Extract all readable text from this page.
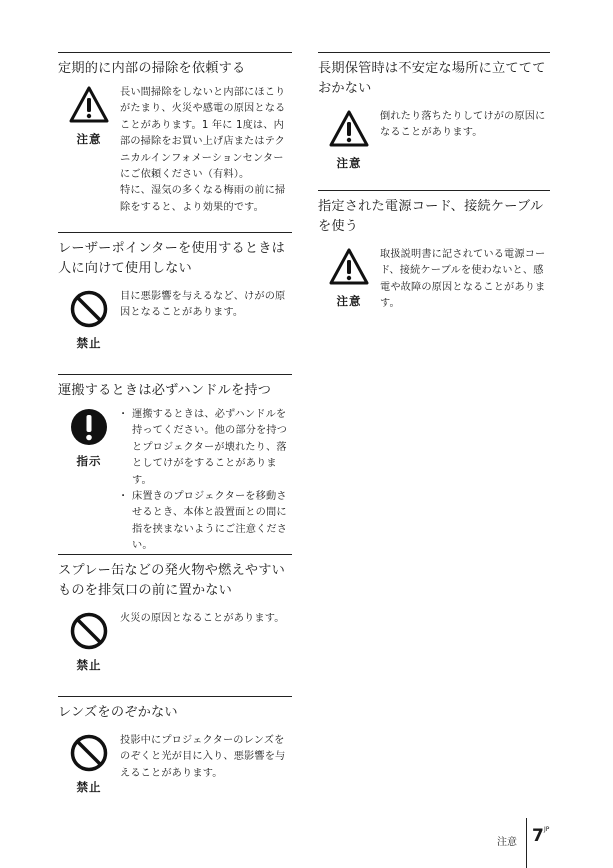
定期的に内部の掃除を依頼する
注意

長い間掃除をしないと内部にほこりがたまり、火災や感電の原因となることがあります。1 年に 1度は、内部の掃除をお買い上げ店またはテクニカルインフォメーションセンターにご依頼ください（有料）。

特に、湿気の多くなる梅雨の前に掃除をすると、より効果的です。

レーザーポインターを使用するときは人に向けて使用しない
禁止

目に悪影響を与えるなど、けがの原因となることがあります。

運搬するときは必ずハンドルを持つ
指示
・ 運搬するときは、必ずハンドルを持ってください。他の部分を持つとプロジェクターが壊れたり、落としてけがをすることがあります。
・ 床置きのプロジェクターを移動させるとき、本体と設置面との間に指を挟まないようにご注意ください。
スプレー缶などの発火物や燃えやすいものを排気口の前に置かない
禁止

火災の原因となることがあります。

レンズをのぞかない
禁止

投影中にプロジェクターのレンズをのぞくと光が目に入り、悪影響を与えることがあります。

長期保管時は不安定な場所に立ててておかない
注意

倒れたり落ちたりしてけがの原因になることがあります。

指定された電源コード、接続ケーブルを使う
注意

取扱説明書に記されている電源コード、接続ケーブルを使わないと、感電や故障の原因となることがあります。

注意 7 JP
